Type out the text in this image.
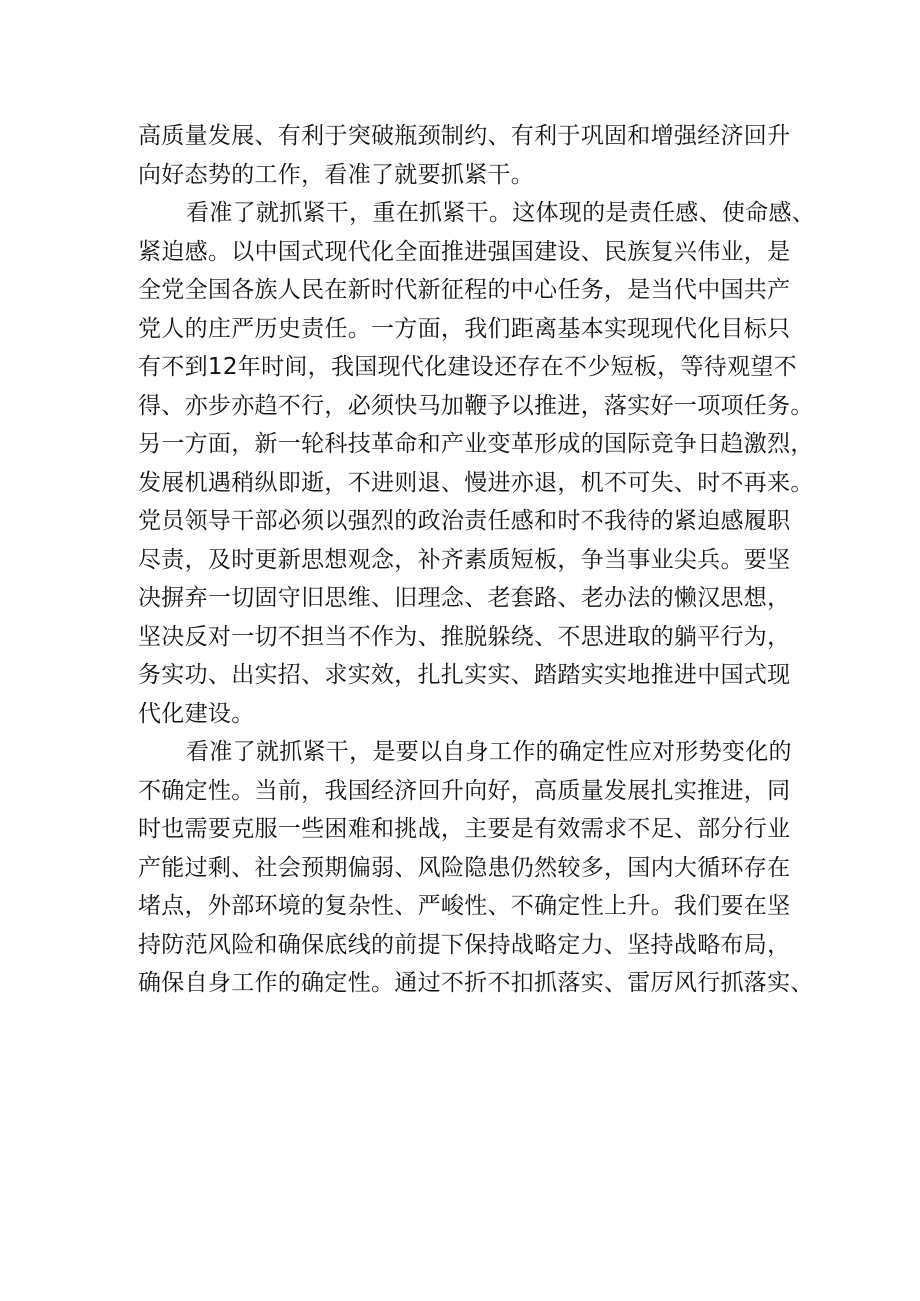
高质量发展、有利于突破瓶颈制约、有利于巩固和增强经济回升
向好态势的工作，看准了就要抓紧干。
看准了就抓紧干，重在抓紧干。这体现的是责任感、使命感、
紧迫感。以中国式现代化全面推进强国建设、民族复兴伟业，是
全党全国各族人民在新时代新征程的中心任务，是当代中国共产
党人的庄严历史责任。一方面，我们距离基本实现现代化目标只
有不到12年时间，我国现代化建设还存在不少短板，等待观望不
得、亦步亦趋不行，必须快马加鞭予以推进，落实好一项项任务。
另一方面，新一轮科技革命和产业变革形成的国际竞争日趋激烈，
发展机遇稍纵即逝，不进则退、慢进亦退，机不可失、时不再来。
党员领导干部必须以强烈的政治责任感和时不我待的紧迫感履职
尽责，及时更新思想观念，补齐素质短板，争当事业尖兵。要坚
决摒弃一切固守旧思维、旧理念、老套路、老办法的懒汉思想，
坚决反对一切不担当不作为、推脱躲绕、不思进取的躺平行为，
务实功、出实招、求实效，扎扎实实、踏踏实实地推进中国式现
代化建设。
看准了就抓紧干，是要以自身工作的确定性应对形势变化的
不确定性。当前，我国经济回升向好，高质量发展扎实推进，同
时也需要克服一些困难和挑战，主要是有效需求不足、部分行业
产能过剩、社会预期偏弱、风险隐患仍然较多，国内大循环存在
堵点，外部环境的复杂性、严峻性、不确定性上升。我们要在坚
持防范风险和确保底线的前提下保持战略定力、坚持战略布局，
确保自身工作的确定性。通过不折不扣抓落实、雷厉风行抓落实、
